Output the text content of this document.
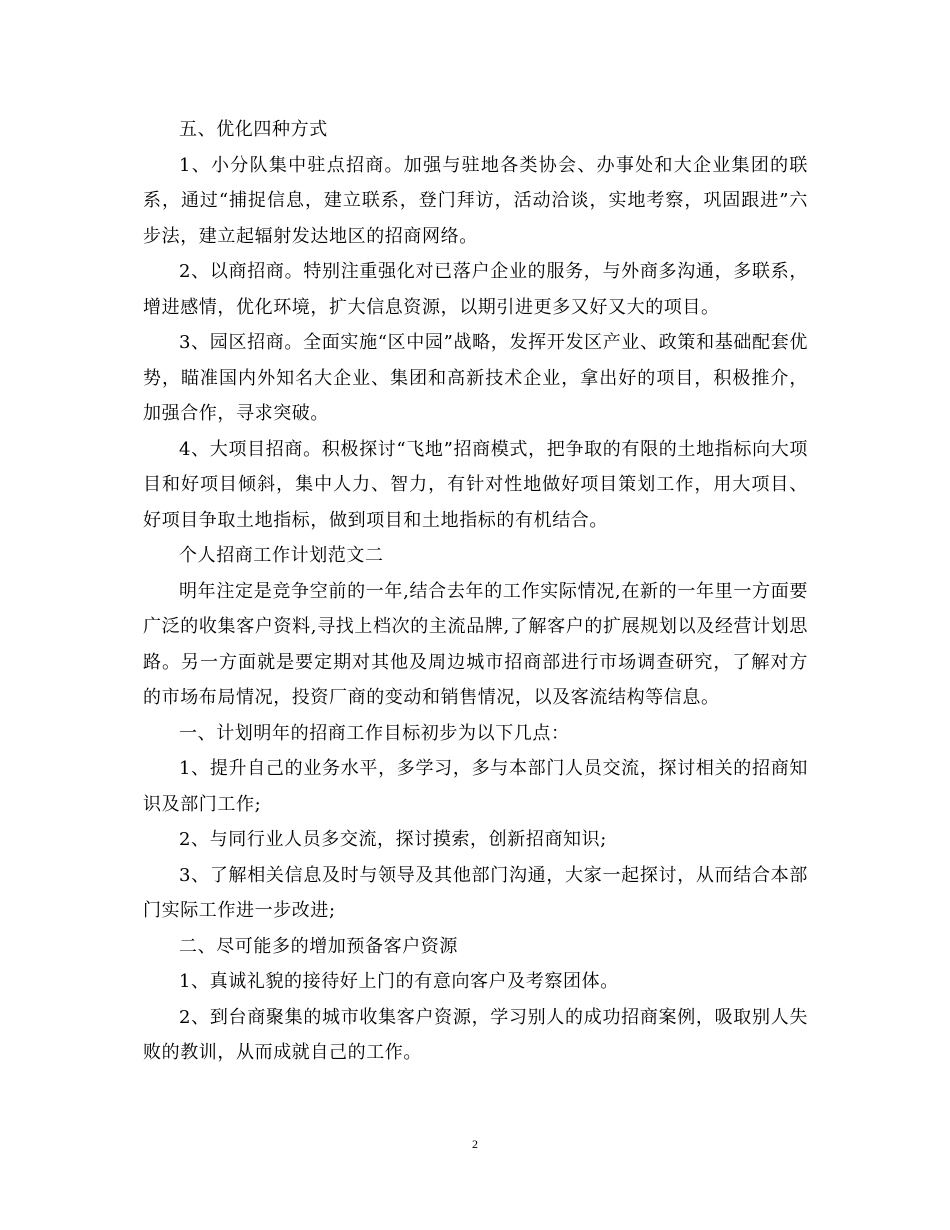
五、优化四种方式

1、小分队集中驻点招商。加强与驻地各类协会、办事处和大企业集团的联系，通过“捕捉信息，建立联系，登门拜访，活动洽谈，实地考察，巩固跟进”六步法，建立起辐射发达地区的招商网络。

2、以商招商。特别注重强化对已落户企业的服务，与外商多沟通，多联系，增进感情，优化环境，扩大信息资源，以期引进更多又好又大的项目。

3、园区招商。全面实施“区中园”战略，发挥开发区产业、政策和基础配套优势，瞄准国内外知名大企业、集团和高新技术企业，拿出好的项目，积极推介，加强合作，寻求突破。

4、大项目招商。积极探讨“飞地”招商模式，把争取的有限的土地指标向大项目和好项目倾斜，集中人力、智力，有针对性地做好项目策划工作，用大项目、好项目争取土地指标，做到项目和土地指标的有机结合。

个人招商工作计划范文二

明年注定是竞争空前的一年,结合去年的工作实际情况,在新的一年里一方面要广泛的收集客户资料,寻找上档次的主流品牌,了解客户的扩展规划以及经营计划思路。另一方面就是要定期对其他及周边城市招商部进行市场调查研究，了解对方的市场布局情况，投资厂商的变动和销售情况，以及客流结构等信息。

一、计划明年的招商工作目标初步为以下几点：

1、提升自己的业务水平，多学习，多与本部门人员交流，探讨相关的招商知识及部门工作;

2、与同行业人员多交流，探讨摸索，创新招商知识;

3、了解相关信息及时与领导及其他部门沟通，大家一起探讨，从而结合本部门实际工作进一步改进;

二、尽可能多的增加预备客户资源

1、真诚礼貌的接待好上门的有意向客户及考察团体。

2、到台商聚集的城市收集客户资源，学习别人的成功招商案例，吸取别人失败的教训，从而成就自己的工作。

2
